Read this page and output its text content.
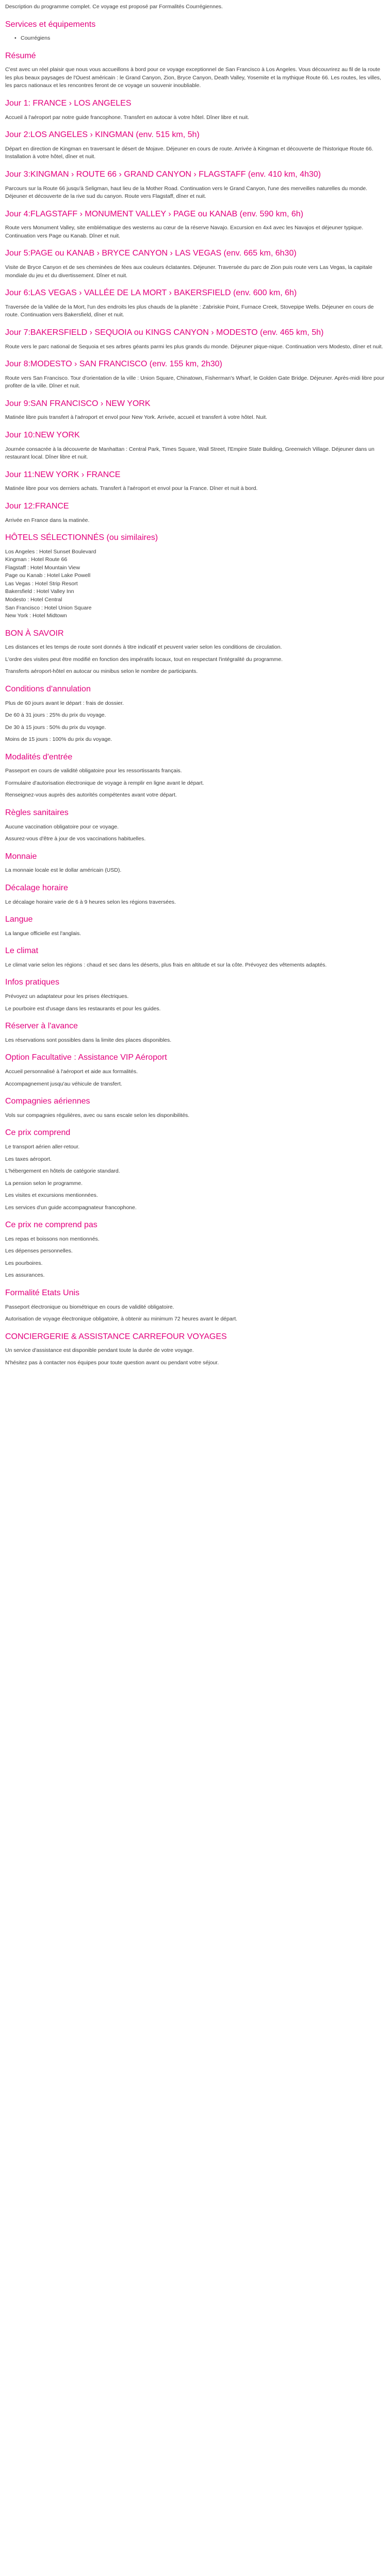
Description du programme complet. Ce voyage est proposé par Formalités Courrégiennes.

Services et équipements
• Courrégiens
Résumé

C'est avec un réel plaisir que nous vous accueillons à bord pour ce voyage exceptionnel de San Francisco à Los Angeles. Vous découvrirez au fil de la route les plus beaux paysages de l'Ouest américain : le Grand Canyon, Zion, Bryce Canyon, Death Valley, Yosemite et la mythique Route 66. Les routes, les villes, les parcs nationaux et les rencontres feront de ce voyage un souvenir inoubliable.

Jour 1: FRANCE › LOS ANGELES

Accueil à l'aéroport par notre guide francophone. Transfert en autocar à votre hôtel. Dîner libre et nuit.

Jour 2:LOS ANGELES › KINGMAN (env. 515 km, 5h)

Départ en direction de Kingman en traversant le désert de Mojave. Déjeuner en cours de route. Arrivée à Kingman et découverte de l'historique Route 66. Installation à votre hôtel, dîner et nuit.

Jour 3:KINGMAN › ROUTE 66 › GRAND CANYON › FLAGSTAFF (env. 410 km, 4h30)

Parcours sur la Route 66 jusqu'à Seligman, haut lieu de la Mother Road. Continuation vers le Grand Canyon, l'une des merveilles naturelles du monde. Déjeuner et découverte de la rive sud du canyon. Route vers Flagstaff, dîner et nuit.

Jour 4:FLAGSTAFF › MONUMENT VALLEY › PAGE ou KANAB (env. 590 km, 6h)

Route vers Monument Valley, site emblématique des westerns au cœur de la réserve Navajo. Excursion en 4x4 avec les Navajos et déjeuner typique. Continuation vers Page ou Kanab. Dîner et nuit.

Jour 5:PAGE ou KANAB › BRYCE CANYON › LAS VEGAS (env. 665 km, 6h30)

Visite de Bryce Canyon et de ses cheminées de fées aux couleurs éclatantes. Déjeuner. Traversée du parc de Zion puis route vers Las Vegas, la capitale mondiale du jeu et du divertissement. Dîner et nuit.

Jour 6:LAS VEGAS › VALLÉE DE LA MORT › BAKERSFIELD (env. 600 km, 6h)

Traversée de la Vallée de la Mort, l'un des endroits les plus chauds de la planète : Zabriskie Point, Furnace Creek, Stovepipe Wells. Déjeuner en cours de route. Continuation vers Bakersfield, dîner et nuit.

Jour 7:BAKERSFIELD › SEQUOIA ou KINGS CANYON › MODESTO (env. 465 km, 5h)

Route vers le parc national de Sequoia et ses arbres géants parmi les plus grands du monde. Déjeuner pique-nique. Continuation vers Modesto, dîner et nuit.

Jour 8:MODESTO › SAN FRANCISCO (env. 155 km, 2h30)

Route vers San Francisco. Tour d'orientation de la ville : Union Square, Chinatown, Fisherman's Wharf, le Golden Gate Bridge. Déjeuner. Après-midi libre pour profiter de la ville. Dîner et nuit.

Jour 9:SAN FRANCISCO › NEW YORK

Matinée libre puis transfert à l'aéroport et envol pour New York. Arrivée, accueil et transfert à votre hôtel. Nuit.

Jour 10:NEW YORK

Journée consacrée à la découverte de Manhattan : Central Park, Times Square, Wall Street, l'Empire State Building, Greenwich Village. Déjeuner dans un restaurant local. Dîner libre et nuit.

Jour 11:NEW YORK › FRANCE

Matinée libre pour vos derniers achats. Transfert à l'aéroport et envol pour la France. Dîner et nuit à bord.

Jour 12:FRANCE

Arrivée en France dans la matinée.

HÔTELS SÉLECTIONNÉS (ou similaires)

Los Angeles : Hotel Sunset Boulevard

Kingman : Hotel Route 66

Flagstaff : Hotel Mountain View

Page ou Kanab : Hotel Lake Powell

Las Vegas : Hotel Strip Resort

Bakersfield : Hotel Valley Inn

Modesto : Hotel Central

San Francisco : Hotel Union Square

New York : Hotel Midtown

BON À SAVOIR

Les distances et les temps de route sont donnés à titre indicatif et peuvent varier selon les conditions de circulation.

L'ordre des visites peut être modifié en fonction des impératifs locaux, tout en respectant l'intégralité du programme.

Transferts aéroport-hôtel en autocar ou minibus selon le nombre de participants.

Conditions d'annulation

Plus de 60 jours avant le départ : frais de dossier.

De 60 à 31 jours : 25% du prix du voyage.

De 30 à 15 jours : 50% du prix du voyage.

Moins de 15 jours : 100% du prix du voyage.

Modalités d'entrée

Passeport en cours de validité obligatoire pour les ressortissants français.

Formulaire d'autorisation électronique de voyage à remplir en ligne avant le départ.

Renseignez-vous auprès des autorités compétentes avant votre départ.

Règles sanitaires

Aucune vaccination obligatoire pour ce voyage.

Assurez-vous d'être à jour de vos vaccinations habituelles.

Monnaie

La monnaie locale est le dollar américain (USD).

Décalage horaire

Le décalage horaire varie de 6 à 9 heures selon les régions traversées.

Langue

La langue officielle est l'anglais.

Le climat

Le climat varie selon les régions : chaud et sec dans les déserts, plus frais en altitude et sur la côte. Prévoyez des vêtements adaptés.

Infos pratiques

Prévoyez un adaptateur pour les prises électriques.

Le pourboire est d'usage dans les restaurants et pour les guides.

Réserver à l'avance

Les réservations sont possibles dans la limite des places disponibles.

Option Facultative : Assistance VIP Aéroport

Accueil personnalisé à l'aéroport et aide aux formalités.

Accompagnement jusqu'au véhicule de transfert.

Compagnies aériennes

Vols sur compagnies régulières, avec ou sans escale selon les disponibilités.

Ce prix comprend

Le transport aérien aller-retour.

Les taxes aéroport.

L'hébergement en hôtels de catégorie standard.

La pension selon le programme.

Les visites et excursions mentionnées.

Les services d'un guide accompagnateur francophone.

Ce prix ne comprend pas

Les repas et boissons non mentionnés.

Les dépenses personnelles.

Les pourboires.

Les assurances.

Formalité Etats Unis

Passeport électronique ou biométrique en cours de validité obligatoire.

Autorisation de voyage électronique obligatoire, à obtenir au minimum 72 heures avant le départ.

CONCIERGERIE & ASSISTANCE CARREFOUR VOYAGES

Un service d'assistance est disponible pendant toute la durée de votre voyage.

N'hésitez pas à contacter nos équipes pour toute question avant ou pendant votre séjour.
